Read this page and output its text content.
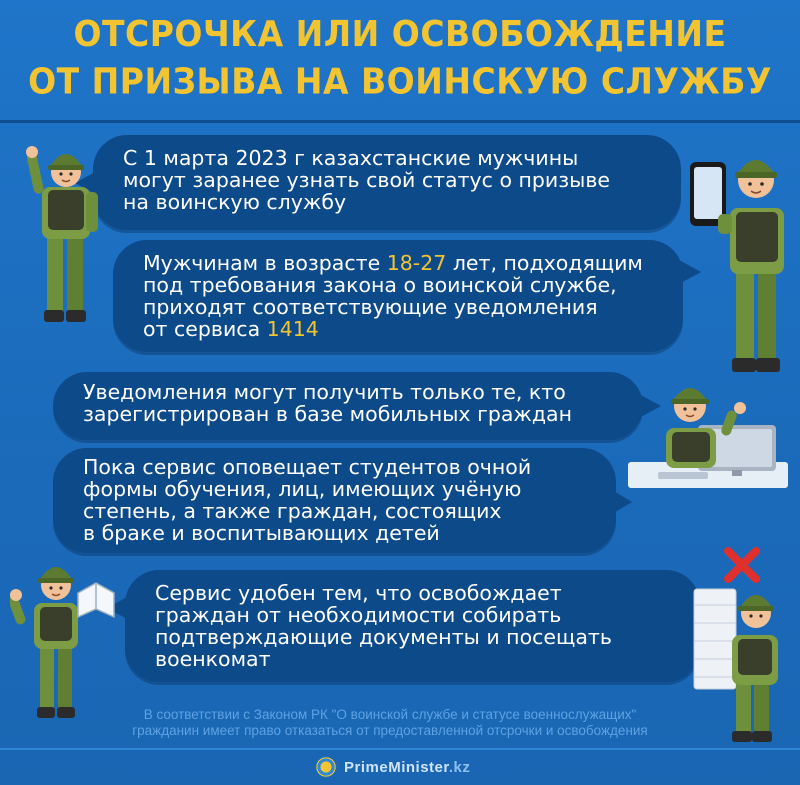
ОТСРОЧКА ИЛИ ОСВОБОЖДЕНИЕ
ОТ ПРИЗЫВА НА ВОИНСКУЮ СЛУЖБУ
С 1 марта 2023 г казахстанские мужчины
могут заранее узнать свой статус о призыве
на воинскую службу
Мужчинам в возрасте 18-27 лет, подходящим
под требования закона о воинской службе,
приходят соответствующие уведомления
от сервиса 1414
Уведомления могут получить только те, кто
зарегистрирован в базе мобильных граждан
Пока сервис оповещает студентов очной
формы обучения, лиц, имеющих учёную
степень, а также граждан, состоящих
в браке и воспитывающих детей
Сервис удобен тем, что освобождает
граждан от необходимости собирать
подтверждающие документы и посещать
военкомат
В соответствии с Законом РК "О воинской службе и статусе военнослужащих"
гражданин имеет право отказаться от предоставленной отсрочки и освобождения
PrimeMinister.kz
